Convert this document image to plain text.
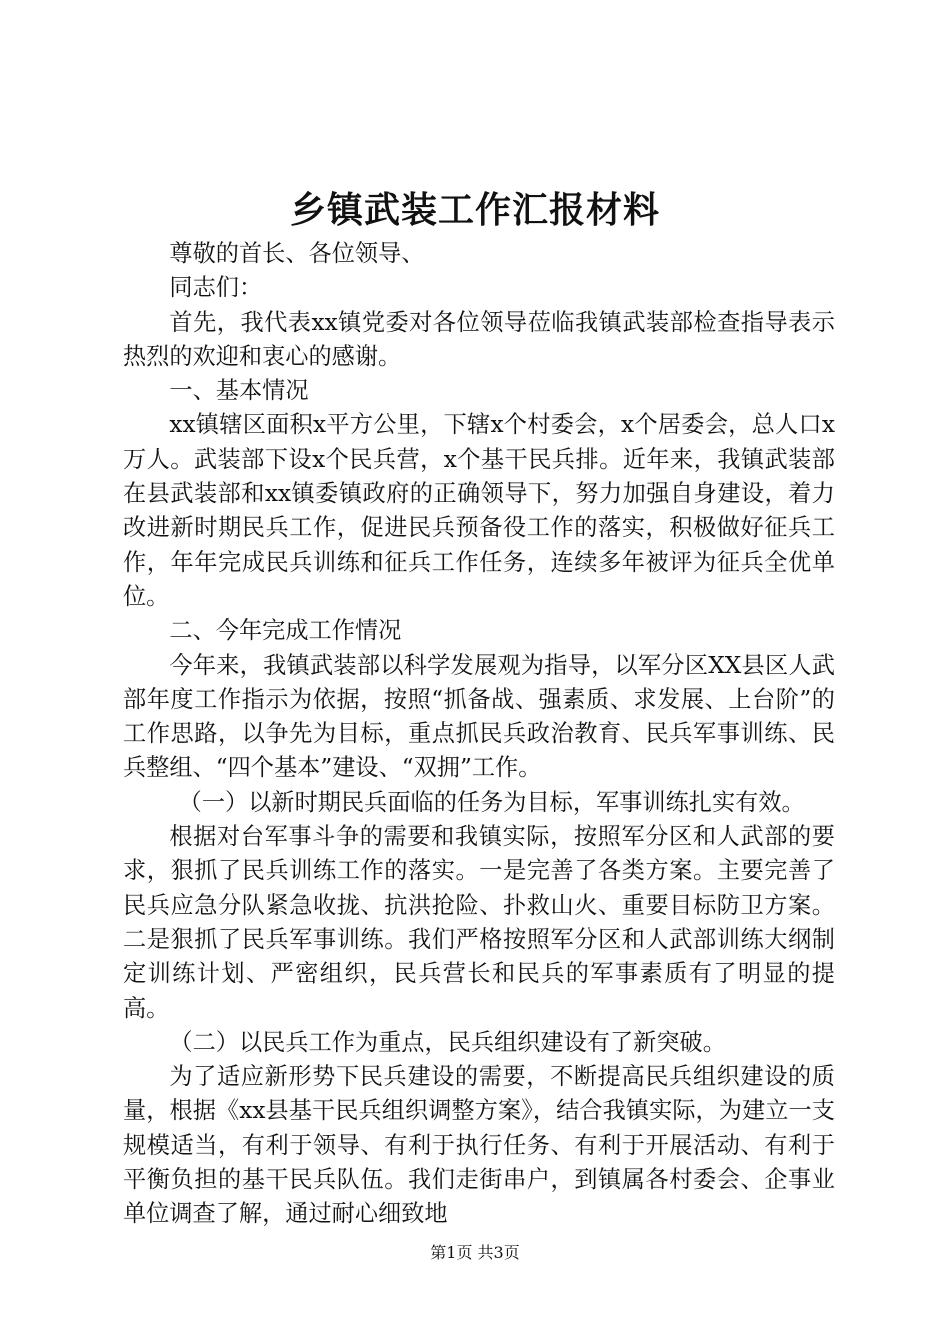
乡镇武装工作汇报材料

尊敬的首长、各位领导、

同志们：

首先，我代表xx镇党委对各位领导莅临我镇武装部检查指导表示热烈的欢迎和衷心的感谢。

一、基本情况

xx镇辖区面积x平方公里，下辖x个村委会，x个居委会，总人口x万人。武装部下设x个民兵营，x个基干民兵排。近年来，我镇武装部在县武装部和xx镇委镇政府的正确领导下，努力加强自身建设，着力改进新时期民兵工作，促进民兵预备役工作的落实，积极做好征兵工作，年年完成民兵训练和征兵工作任务，连续多年被评为征兵全优单位。

二、今年完成工作情况

今年来，我镇武装部以科学发展观为指导，以军分区XX县区人武部年度工作指示为依据，按照“抓备战、强素质、求发展、上台阶”的工作思路，以争先为目标，重点抓民兵政治教育、民兵军事训练、民兵整组、“四个基本”建设、“双拥”工作。

（一）以新时期民兵面临的任务为目标，军事训练扎实有效。

根据对台军事斗争的需要和我镇实际，按照军分区和人武部的要求，狠抓了民兵训练工作的落实。一是完善了各类方案。主要完善了民兵应急分队紧急收拢、抗洪抢险、扑救山火、重要目标防卫方案。二是狠抓了民兵军事训练。我们严格按照军分区和人武部训练大纲制定训练计划、严密组织，民兵营长和民兵的军事素质有了明显的提高。

（二）以民兵工作为重点，民兵组织建设有了新突破。

为了适应新形势下民兵建设的需要，不断提高民兵组织建设的质量，根据《xx县基干民兵组织调整方案》，结合我镇实际，为建立一支规模适当，有利于领导、有利于执行任务、有利于开展活动、有利于平衡负担的基干民兵队伍。我们走街串户，到镇属各村委会、企事业单位调查了解，通过耐心细致地

第1页 共3页
